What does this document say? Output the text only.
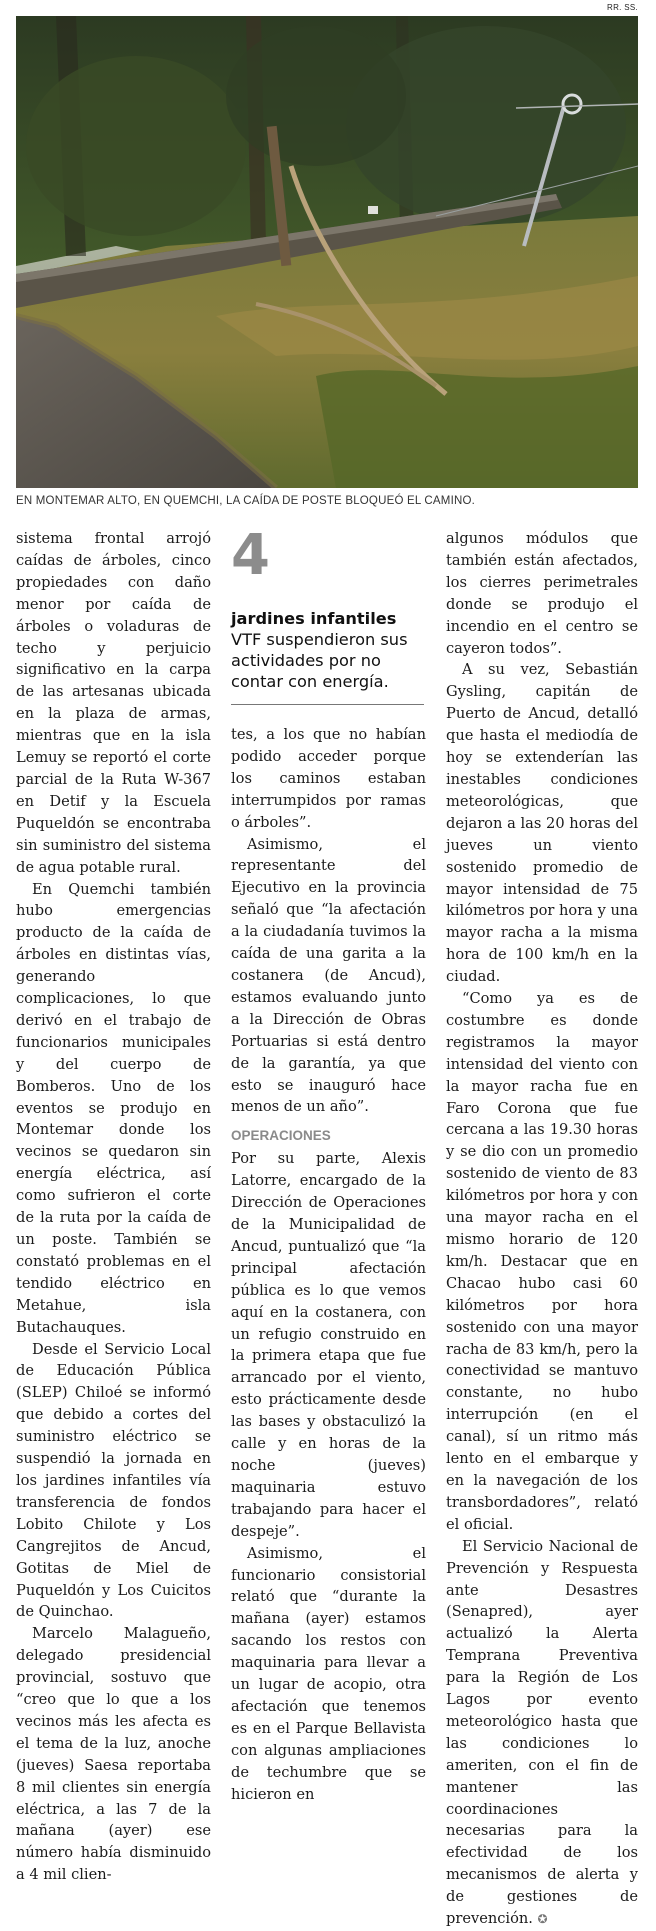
RR. SS.
EN MONTEMAR ALTO, EN QUEMCHI, LA CAÍDA DE POSTE BLOQUEÓ EL CAMINO.

sistema frontal arrojó caídas de árboles, cinco propiedades con daño menor por caída de árboles o voladuras de techo y perjuicio significativo en la carpa de las artesanas ubicada en la plaza de armas, mientras que en la isla Lemuy se reportó el corte parcial de la Ruta W-367 en Detif y la Escuela Puqueldón se encontraba sin suministro del sistema de agua potable rural.

En Quemchi también hubo emergencias producto de la caída de árboles en distintas vías, generando complicaciones, lo que derivó en el trabajo de funcionarios municipales y del cuerpo de Bomberos. Uno de los eventos se produjo en Montemar donde los vecinos se quedaron sin energía eléctrica, así como sufrieron el corte de la ruta por la caída de un poste. También se constató problemas en el tendido eléctrico en Metahue, isla Butachauques.

Desde el Servicio Local de Educación Pública (SLEP) Chiloé se informó que debido a cortes del suministro eléctrico se suspendió la jornada en los jardines infantiles vía transferencia de fondos Lobito Chilote y Los Cangrejitos de Ancud, Gotitas de Miel de Puqueldón y Los Cuicitos de Quinchao.

Marcelo Malagueño, delegado presidencial provincial, sostuvo que “creo que lo que a los vecinos más les afecta es el tema de la luz, anoche (jueves) Saesa reportaba 8 mil clientes sin energía eléctrica, a las 7 de la mañana (ayer) ese número había disminuido a 4 mil clien-

4
jardines infantiles VTF suspendieron sus actividades por no contar con energía.

tes, a los que no habían podido acceder porque los caminos estaban interrumpidos por ramas o árboles”.

Asimismo, el representante del Ejecutivo en la provincia señaló que “la afectación a la ciudadanía tuvimos la caída de una garita a la costanera (de Ancud), estamos evaluando junto a la Dirección de Obras Portuarias si está dentro de la garantía, ya que esto se inauguró hace menos de un año”.

OPERACIONES

Por su parte, Alexis Latorre, encargado de la Dirección de Operaciones de la Municipalidad de Ancud, puntualizó que “la principal afectación pública es lo que vemos aquí en la costanera, con un refugio construido en la primera etapa que fue arrancado por el viento, esto prácticamente desde las bases y obstaculizó la calle y en horas de la noche (jueves) maquinaria estuvo trabajando para hacer el despeje”.

Asimismo, el funcionario consistorial relató que “durante la mañana (ayer) estamos sacando los restos con maquinaria para llevar a un lugar de acopio, otra afectación que tenemos es en el Parque Bellavista con algunas ampliaciones de techumbre que se hicieron en

algunos módulos que también están afectados, los cierres perimetrales donde se produjo el incendio en el centro se cayeron todos”.

A su vez, Sebastián Gysling, capitán de Puerto de Ancud, detalló que hasta el mediodía de hoy se extenderían las inestables condiciones meteorológicas, que dejaron a las 20 horas del jueves un viento sostenido promedio de mayor intensidad de 75 kilómetros por hora y una mayor racha a la misma hora de 100 km/h en la ciudad.

“Como ya es de costumbre es donde registramos la mayor intensidad del viento con la mayor racha fue en Faro Corona que fue cercana a las 19.30 horas y se dio con un promedio sostenido de viento de 83 kilómetros por hora y con una mayor racha en el mismo horario de 120 km/h. Destacar que en Chacao hubo casi 60 kilómetros por hora sostenido con una mayor racha de 83 km/h, pero la conectividad se mantuvo constante, no hubo interrupción (en el canal), sí un ritmo más lento en el embarque y en la navegación de los transbordadores”, relató el oficial.

El Servicio Nacional de Prevención y Respuesta ante Desastres (Senapred), ayer actualizó la Alerta Temprana Preventiva para la Región de Los Lagos por evento meteorológico hasta que las condiciones lo ameriten, con el fin de mantener las coordinaciones necesarias para la efectividad de los mecanismos de alerta y de gestiones de prevención. ✪
